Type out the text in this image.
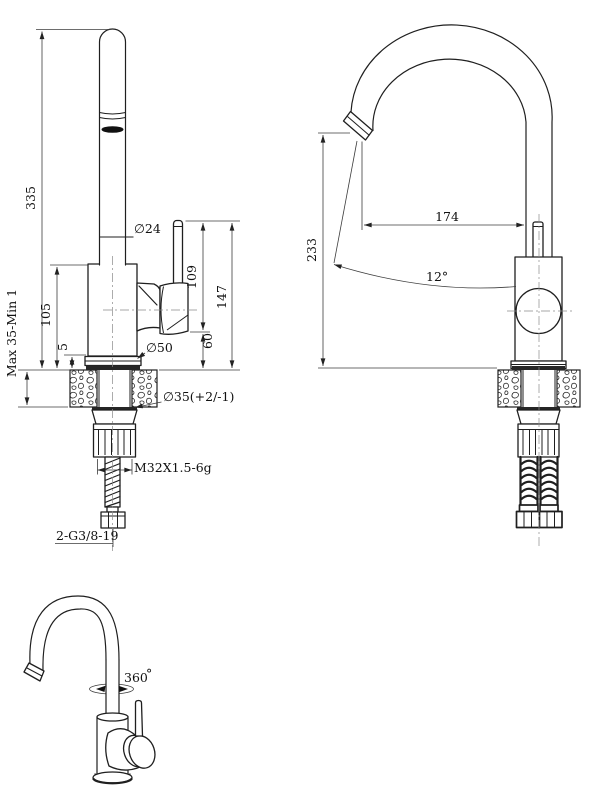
335
Max 35-Min 1 105
5
∅24
109
147
60
∅50
∅35(+2/-1)
M32X1.5-6g
2-G3/8-19
174
233
12°
360
°
